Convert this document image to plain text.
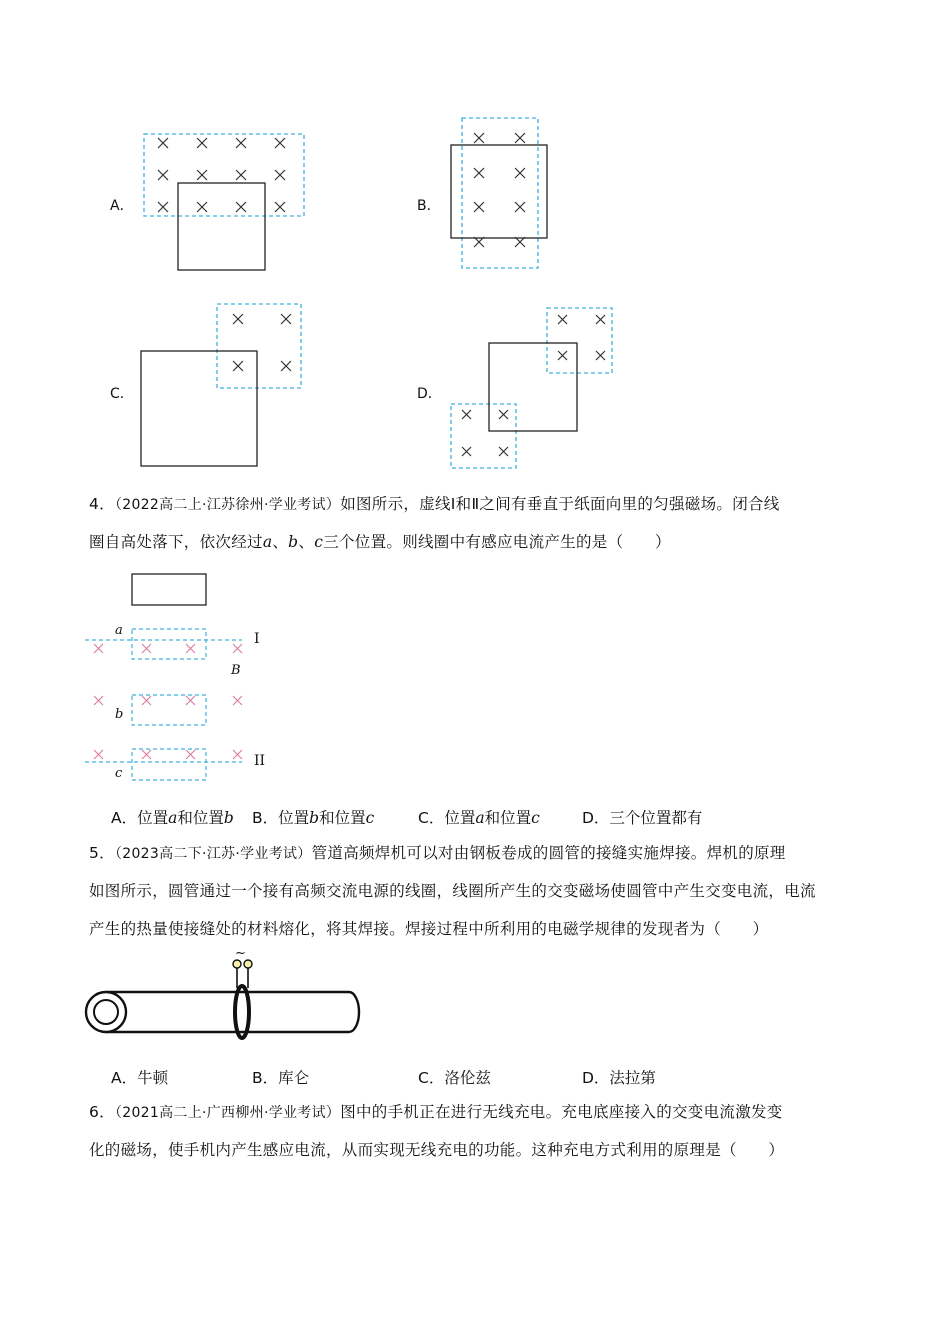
A．	B．
C．	D．
4．（2022高二上·江苏徐州·学业考试）如图所示，虚线Ⅰ和Ⅱ之间有垂直于纸面向里的匀强磁场。闭合线
圈自高处落下，依次经过a、b、c三个位置。则线圈中有感应电流产生的是（　　）
a
b
c
B
I
II
A．位置a和位置b B．位置b和位置c	C．位置a和位置c	D．三个位置都有
5．（2023高二下·江苏·学业考试）管道高频焊机可以对由钢板卷成的圆管的接缝实施焊接。焊机的原理
如图所示，圆管通过一个接有高频交流电源的线圈，线圈所产生的交变磁场使圆管中产生交变电流，电流
产生的热量使接缝处的材料熔化，将其焊接。焊接过程中所利用的电磁学规律的发现者为（　　）
~
A．牛顿	B．库仑	C．洛伦兹	D．法拉第
6．（2021高二上·广西柳州·学业考试）图中的手机正在进行无线充电。充电底座接入的交变电流激发变
化的磁场，使手机内产生感应电流，从而实现无线充电的功能。这种充电方式利用的原理是（　　）
